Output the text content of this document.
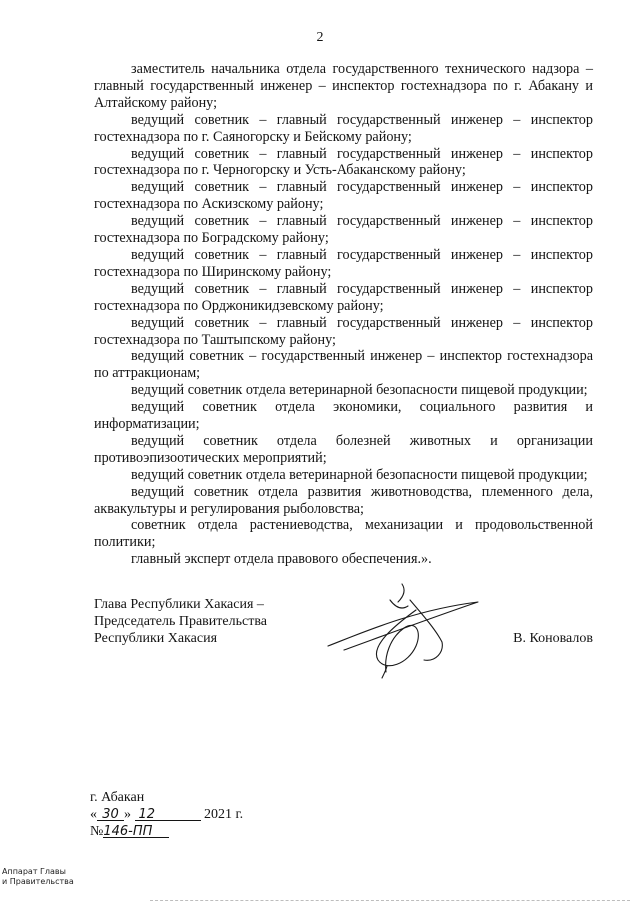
2

заместитель начальника отдела государственного технического надзора – главный государственный инженер – инспектор гостехнадзора по г. Абакану и Алтайскому району;

ведущий советник – главный государственный инженер – инспектор гостехнадзора по г. Саяногорску и Бейскому району;

ведущий советник – главный государственный инженер – инспектор гостехнадзора по г. Черногорску и Усть-Абаканскому району;

ведущий советник – главный государственный инженер – инспектор гостехнадзора по Аскизскому району;

ведущий советник – главный государственный инженер – инспектор гостехнадзора по Боградскому району;

ведущий советник – главный государственный инженер – инспектор гостехнадзора по Ширинскому району;

ведущий советник – главный государственный инженер – инспектор гостехнадзора по Орджоникидзевскому району;

ведущий советник – главный государственный инженер – инспектор гостехнадзора по Таштыпскому району;

ведущий советник – государственный инженер – инспектор гостехнадзора по аттракционам;

ведущий советник отдела ветеринарной безопасности пищевой продукции;

ведущий советник отдела экономики, социального развития и информатизации;

ведущий советник отдела болезней животных и организации противоэпизоотических мероприятий;

ведущий советник отдела ветеринарной безопасности пищевой продукции;

ведущий советник отдела развития животноводства, племенного дела, аквакультуры и регулирования рыболовства;

советник отдела растениеводства, механизации и продовольственной политики;

главный эксперт отдела правового обеспечения.».

Глава Республики Хакасия –
Председатель Правительства
Республики Хакасия	В. Коновалов
г. Абакан
« 30 » 12	2021 г.
№146-ПП
Аппарат Главы
и Правительства
